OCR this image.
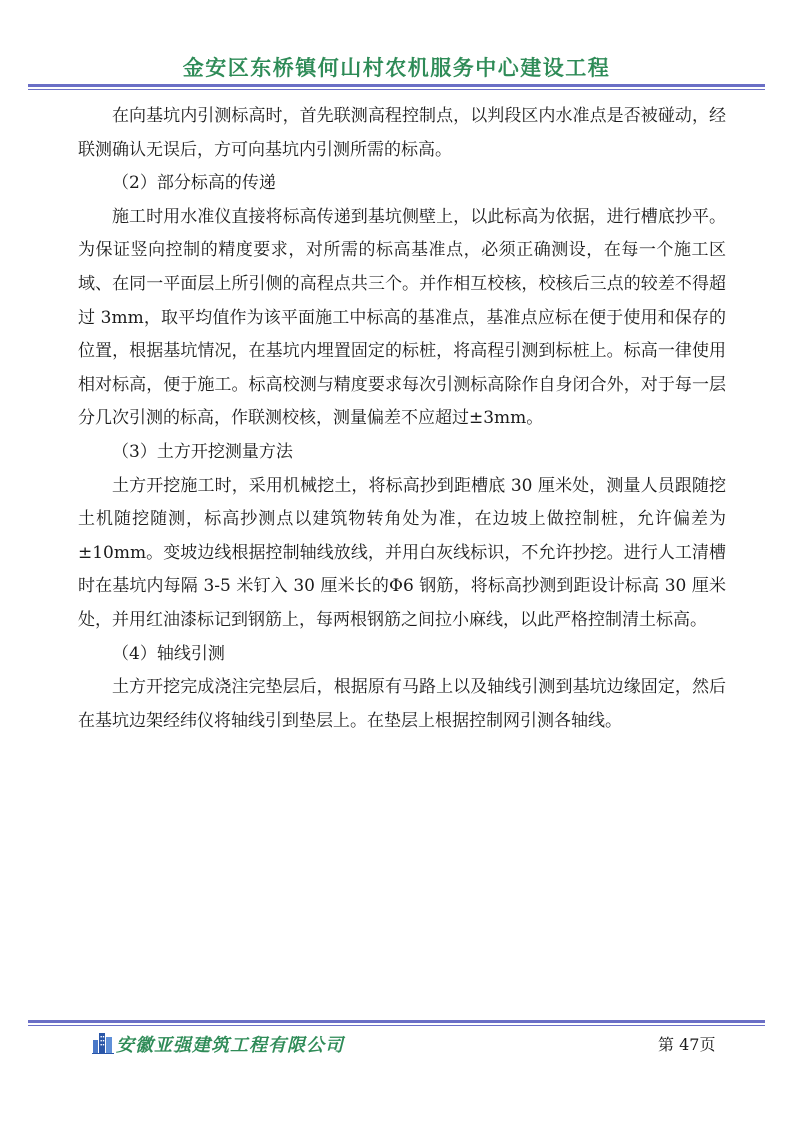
金安区东桥镇何山村农机服务中心建设工程

在向基坑内引测标高时，首先联测高程控制点，以判段区内水准点是否被碰动，经联测确认无误后，方可向基坑内引测所需的标高。

（2）部分标高的传递

施工时用水准仪直接将标高传递到基坑侧壁上，以此标高为依据，进行槽底抄平。为保证竖向控制的精度要求，对所需的标高基准点，必须正确测设，在每一个施工区域、在同一平面层上所引侧的高程点共三个。并作相互校核，校核后三点的较差不得超过 3mm，取平均值作为该平面施工中标高的基准点，基准点应标在便于使用和保存的位置，根据基坑情况，在基坑内埋置固定的标桩，将高程引测到标桩上。标高一律使用相对标高，便于施工。标高校测与精度要求每次引测标高除作自身闭合外，对于每一层分几次引测的标高，作联测校核，测量偏差不应超过±3mm。

（3）土方开挖测量方法

土方开挖施工时，采用机械挖土，将标高抄到距槽底 30 厘米处，测量人员跟随挖土机随挖随测，标高抄测点以建筑物转角处为准，在边坡上做控制桩，允许偏差为±10mm。变坡边线根据控制轴线放线，并用白灰线标识，不允许抄挖。进行人工清槽时在基坑内每隔 3-5 米钉入 30 厘米长的Φ6 钢筋，将标高抄测到距设计标高 30 厘米处，并用红油漆标记到钢筋上，每两根钢筋之间拉小麻线，以此严格控制清土标高。

（4）轴线引测

土方开挖完成浇注完垫层后，根据原有马路上以及轴线引测到基坑边缘固定，然后在基坑边架经纬仪将轴线引到垫层上。在垫层上根据控制网引测各轴线。

安徽亚强建筑工程有限公司	第 47页
